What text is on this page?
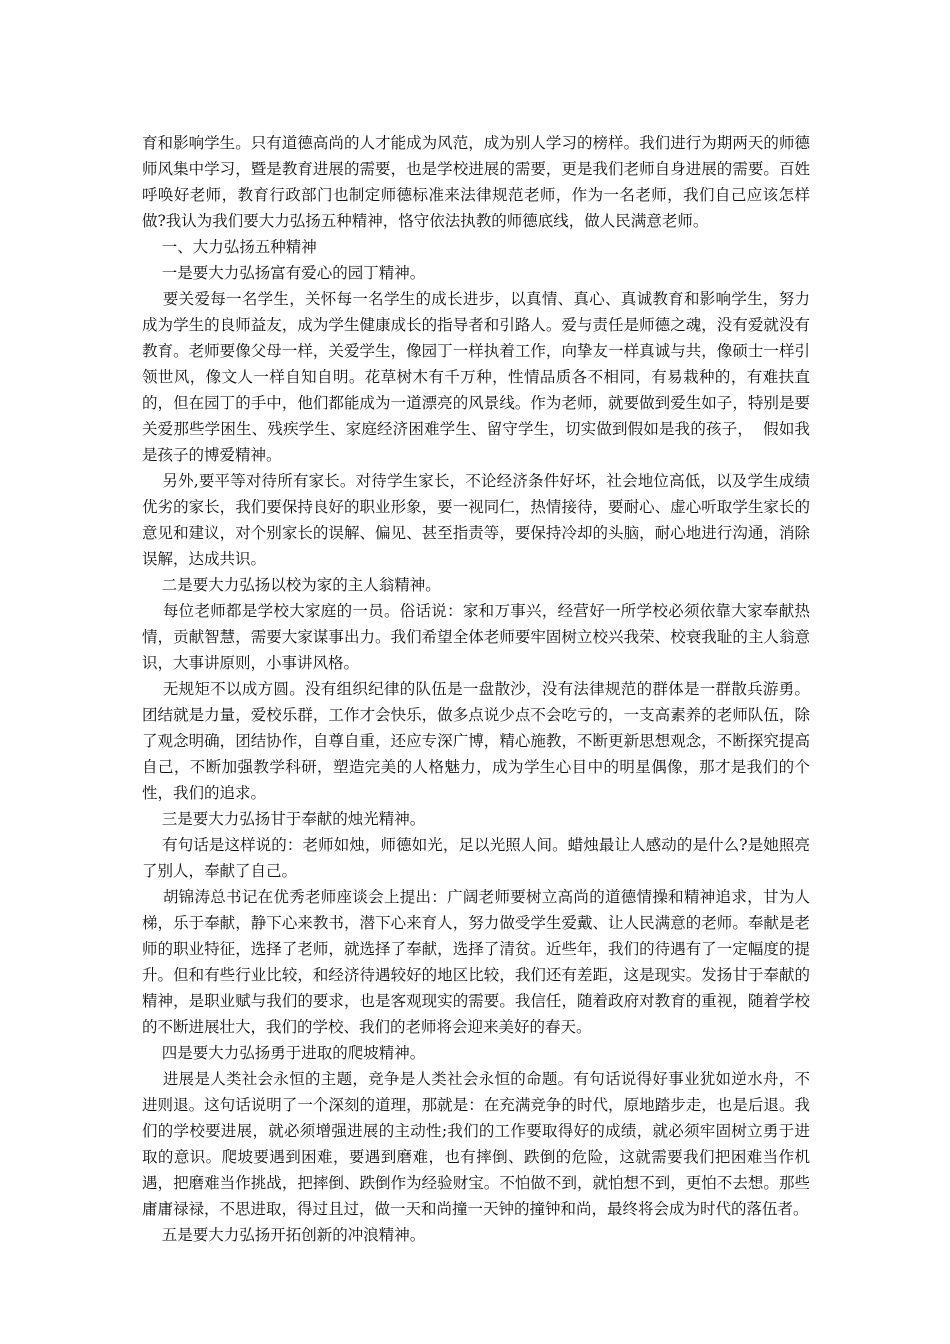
育和影响学生。只有道德高尚的人才能成为风范，成为别人学习的榜样。我们进行为期两天的师德师风集中学习，暨是教育进展的需要，也是学校进展的需要，更是我们老师自身进展的需要。百姓呼唤好老师，教育行政部门也制定师德标准来法律规范老师，作为一名老师，我们自己应该怎样做?我认为我们要大力弘扬五种精神，恪守依法执教的师德底线，做人民满意老师。

一、大力弘扬五种精神

一是要大力弘扬富有爱心的园丁精神。

要关爱每一名学生，关怀每一名学生的成长进步，以真情、真心、真诚教育和影响学生，努力成为学生的良师益友，成为学生健康成长的指导者和引路人。爱与责任是师德之魂，没有爱就没有教育。老师要像父母一样，关爱学生，像园丁一样执着工作，向挚友一样真诚与共，像硕士一样引领世风，像文人一样自知自明。花草树木有千万种，性情品质各不相同，有易栽种的，有难扶直的，但在园丁的手中，他们都能成为一道漂亮的风景线。作为老师，就要做到爱生如子，特别是要关爱那些学困生、残疾学生、家庭经济困难学生、留守学生，切实做到假如是我的孩子，  假如我是孩子的博爱精神。

另外,要平等对待所有家长。对待学生家长，不论经济条件好坏，社会地位高低，以及学生成绩优劣的家长，我们要保持良好的职业形象，要一视同仁，热情接待，要耐心、虚心听取学生家长的意见和建议，对个别家长的误解、偏见、甚至指责等，要保持冷却的头脑，耐心地进行沟通，消除误解，达成共识。

二是要大力弘扬以校为家的主人翁精神。

每位老师都是学校大家庭的一员。俗话说：家和万事兴，经营好一所学校必须依靠大家奉献热情，贡献智慧，需要大家谋事出力。我们希望全体老师要牢固树立校兴我荣、校衰我耻的主人翁意识，大事讲原则，小事讲风格。

无规矩不以成方圆。没有组织纪律的队伍是一盘散沙，没有法律规范的群体是一群散兵游勇。团结就是力量，爱校乐群，工作才会快乐，做多点说少点不会吃亏的，一支高素养的老师队伍，除了观念明确，团结协作，自尊自重，还应专深广博，精心施教，不断更新思想观念，不断探究提高自己，不断加强教学科研，塑造完美的人格魅力，成为学生心目中的明星偶像，那才是我们的个性，我们的追求。

三是要大力弘扬甘于奉献的烛光精神。

有句话是这样说的：老师如烛，师德如光，足以光照人间。蜡烛最让人感动的是什么?是她照亮了别人，奉献了自己。

胡锦涛总书记在优秀老师座谈会上提出：广阔老师要树立高尚的道德情操和精神追求，甘为人梯，乐于奉献，静下心来教书，潜下心来育人，努力做受学生爱戴、让人民满意的老师。奉献是老师的职业特征，选择了老师，就选择了奉献，选择了清贫。近些年，我们的待遇有了一定幅度的提升。但和有些行业比较，和经济待遇较好的地区比较，我们还有差距，这是现实。发扬甘于奉献的精神，是职业赋与我们的要求，也是客观现实的需要。我信任，随着政府对教育的重视，随着学校的不断进展壮大，我们的学校、我们的老师将会迎来美好的春天。

四是要大力弘扬勇于进取的爬坡精神。

进展是人类社会永恒的主题，竞争是人类社会永恒的命题。有句话说得好事业犹如逆水舟，不进则退。这句话说明了一个深刻的道理，那就是：在充满竞争的时代，原地踏步走，也是后退。我们的学校要进展，就必须增强进展的主动性;我们的工作要取得好的成绩，就必须牢固树立勇于进取的意识。爬坡要遇到困难，要遇到磨难，也有摔倒、跌倒的危险，这就需要我们把困难当作机遇，把磨难当作挑战，把摔倒、跌倒作为经验财宝。不怕做不到，就怕想不到，更怕不去想。那些庸庸禄禄，不思进取，得过且过，做一天和尚撞一天钟的撞钟和尚，最终将会成为时代的落伍者。

五是要大力弘扬开拓创新的冲浪精神。
